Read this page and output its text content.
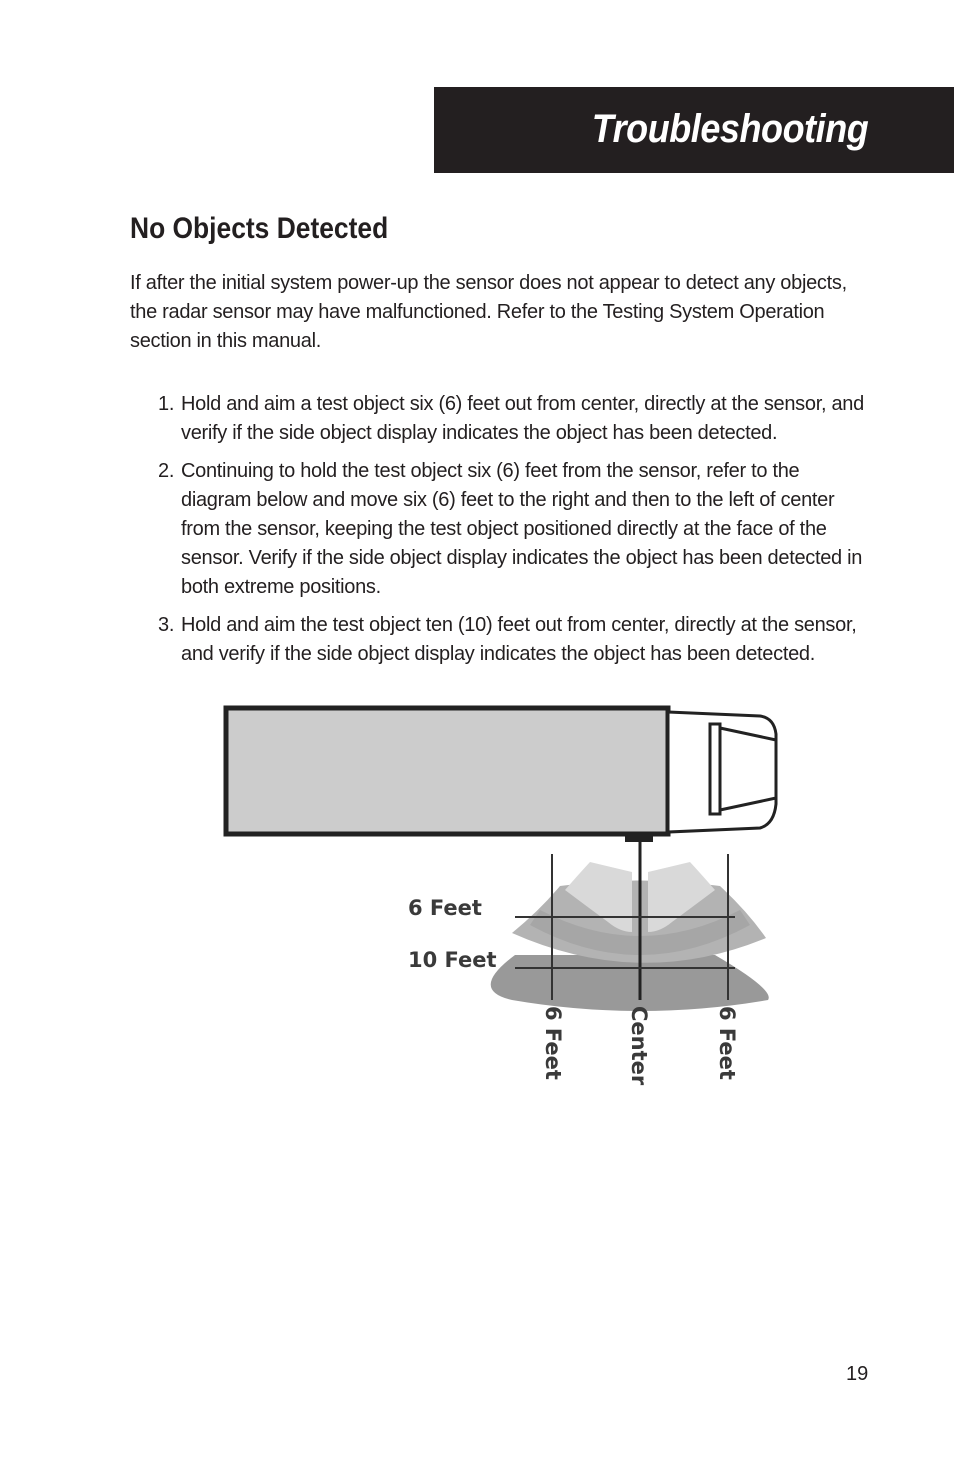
Troubleshooting
No Objects Detected

If after the initial system power-up the sensor does not appear to detect any objects, the radar sensor may have malfunctioned. Refer to the Testing System Operation section in this manual.

1. Hold and aim a test object six (6) feet out from center, directly at the sensor, and verify if the side object display indicates the object has been detected.
2. Continuing to hold the test object six (6) feet from the sensor, refer to the diagram below and move six (6) feet to the right and then to the left of center from the sensor, keeping the test object positioned directly at the face of the sensor. Verify if the side object display indicates the object has been detected in both extreme positions.
3. Hold and aim the test object ten (10) feet out from center, directly at the sensor, and verify if the side object display indicates the object has been detected.
6 Feet
10 Feet
6 Feet	Center	6 Feet
19
